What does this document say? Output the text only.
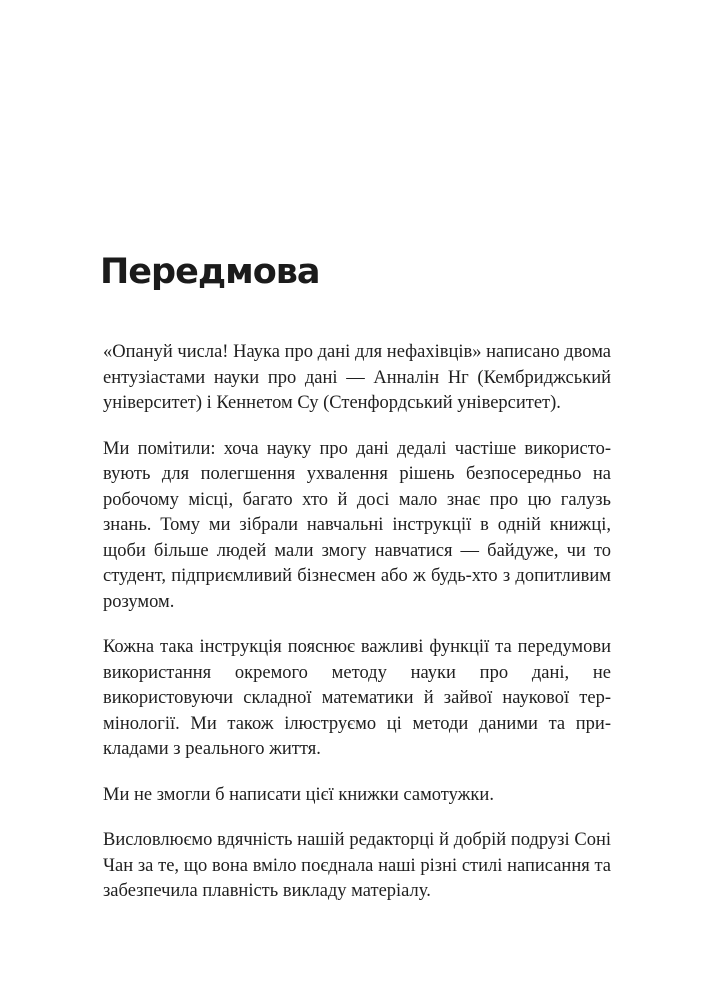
Передмова

«Опануй числа! Наука про дані для нефахівців» написано двома ентузіастами науки про дані — Анналін Нг (Кембриджський університет) і Кеннетом Су (Стенфордський університет).

Ми помітили: хоча науку про дані дедалі частіше використовують для полегшення ухвалення рішень безпосередньо на робочому місці, багато хто й досі мало знає про цю галузь знань. Тому ми зібрали навчальні інструкції в одній книжці, щоби більше людей мали змогу навчатися — байдуже, чи то студент, підприємливий бізнесмен або ж будь-хто з допитливим розумом.

Кожна така інструкція пояснює важливі функції та передумови використання окремого методу науки про дані, не використовуючи складної математики й зайвої наукової термінології. Ми також ілюструємо ці методи даними та прикладами з реального життя.

Ми не змогли б написати цієї книжки самотужки.

Висловлюємо вдячність нашій редакторці й добрій подрузі Соні Чан за те, що вона вміло поєднала наші різні стилі написання та забезпечила плавність викладу матеріалу.
